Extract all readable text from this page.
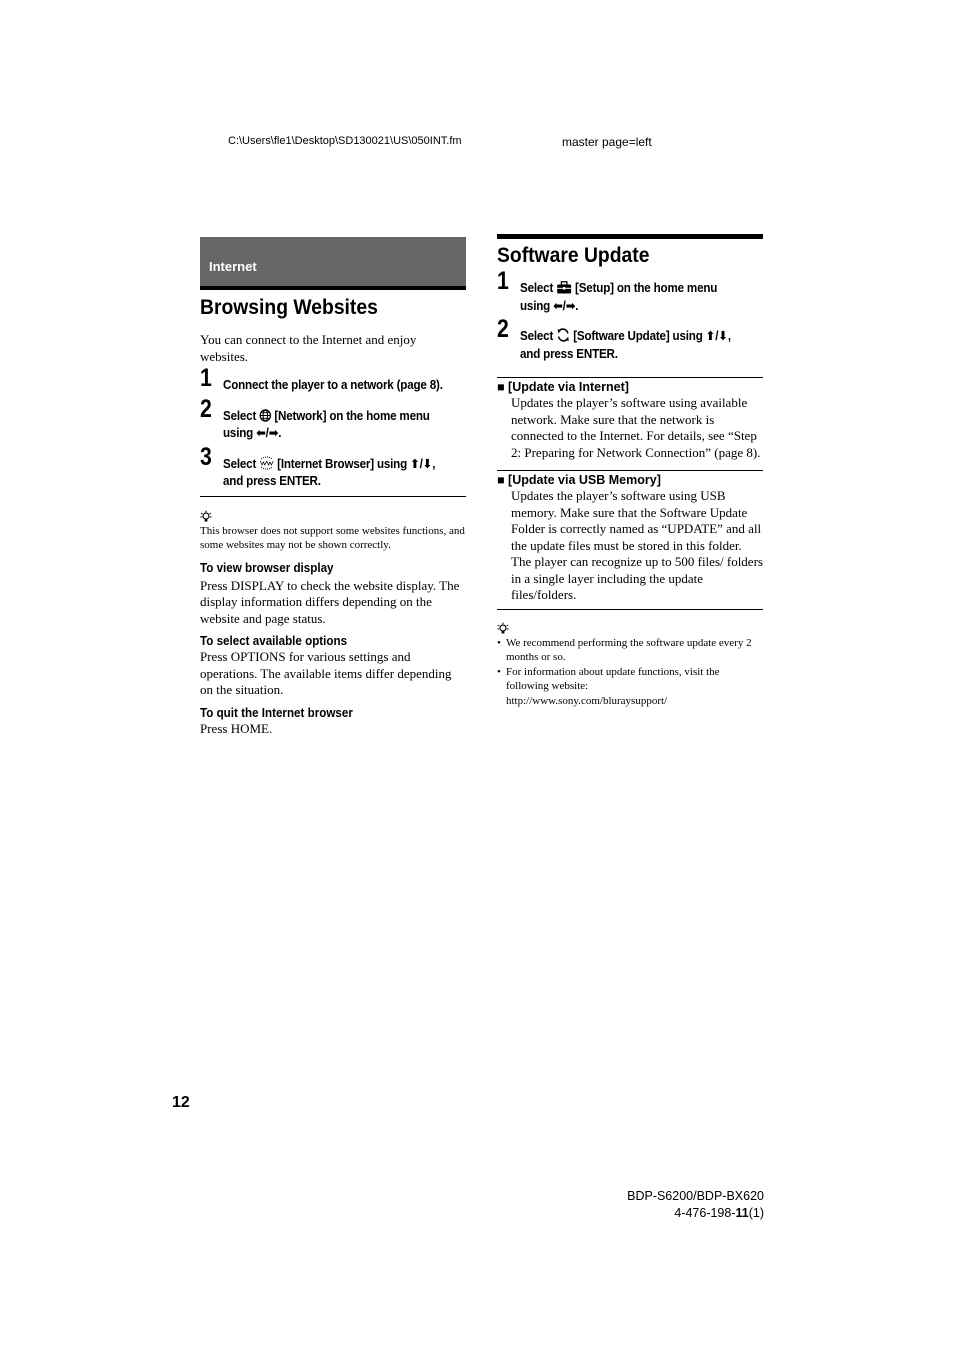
C:\Users\fle1\Desktop\SD130021\US\050INT.fm	master page=left
Internet
Browsing Websites
You can connect to the Internet and enjoy websites.
1 Connect the player to a network (page 8).
2 Select [Network] on the home menu
using ⬅/➡.
3 Select [Internet Browser] using ⬆/⬇,
and press ENTER.
This browser does not support some websites functions, and some websites may not be shown correctly.
To view browser display
Press DISPLAY to check the website display. The display information differs depending on the website and page status.
To select available options
Press OPTIONS for various settings and operations. The available items differ depending on the situation.
To quit the Internet browser
Press HOME.
Software Update
1 Select [Setup] on the home menu
using ⬅/➡.
2 Select [Software Update] using ⬆/⬇,
and press ENTER.
■ [Update via Internet]
Updates the player’s software using available network. Make sure that the network is connected to the Internet. For details, see “Step 2: Preparing for Network Connection” (page 8).
■ [Update via USB Memory]
Updates the player’s software using USB memory. Make sure that the Software Update Folder is correctly named as “UPDATE” and all the update files must be stored in this folder. The player can recognize up to 500 files/ folders in a single layer including the update files/folders.
• We recommend performing the software update every 2 months or so.
• For information about update functions, visit the following website:
http://www.sony.com/bluraysupport/
12
BDP-S6200/BDP-BX620
4-476-198-11(1)
